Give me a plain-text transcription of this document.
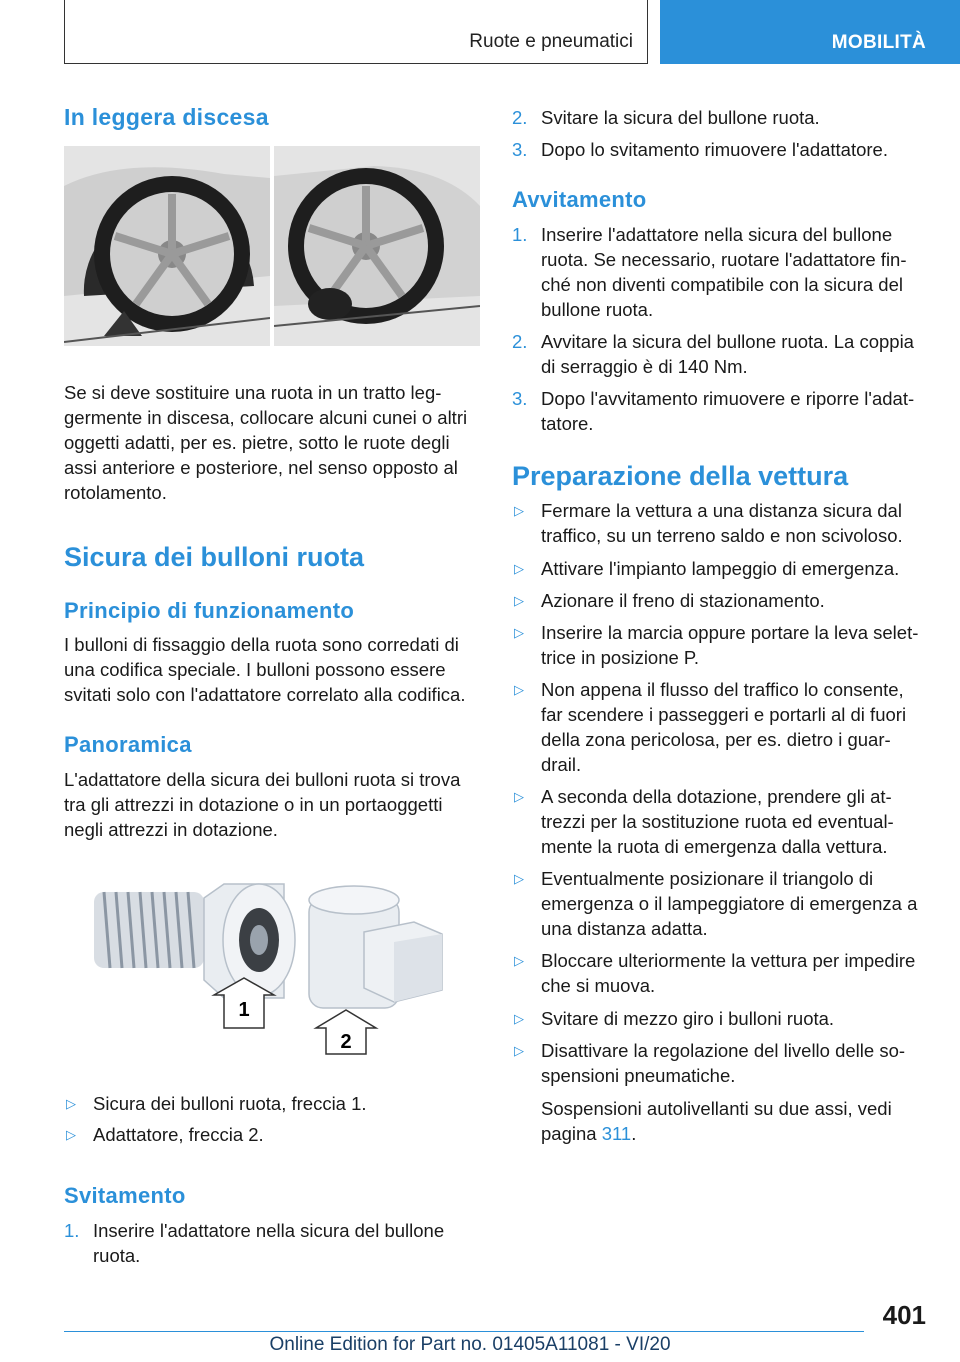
Ruote e pneumatici	MOBILITÀ
In leggera discesa

Se si deve sostituire una ruota in un tratto leg-
germente in discesa, collocare alcuni cunei o altri
oggetti adatti, per es. pietre, sotto le ruote degli
assi anteriore e posteriore, nel senso opposto al
rotolamento.

Sicura dei bulloni ruota
Principio di funzionamento

I bulloni di fissaggio della ruota sono corredati di
una codifica speciale. I bulloni possono essere
svitati solo con l'adattatore correlato alla codifica.

Panoramica

L'adattatore della sicura dei bulloni ruota si trova
tra gli attrezzi in dotazione o in un portaoggetti
negli attrezzi in dotazione.

1
2
▷ Sicura dei bulloni ruota, freccia 1.
▷ Adattatore, freccia 2.
Svitamento
1. Inserire l'adattatore nella sicura del bullone
ruota.
2. Svitare la sicura del bullone ruota.
3. Dopo lo svitamento rimuovere l'adattatore.
Avvitamento
1. Inserire l'adattatore nella sicura del bullone
ruota. Se necessario, ruotare l'adattatore fin-
ché non diventi compatibile con la sicura del
bullone ruota.
2. Avvitare la sicura del bullone ruota. La coppia
di serraggio è di 140 Nm.
3. Dopo l'avvitamento rimuovere e riporre l'adat-
tatore.
Preparazione della vettura
▷ Fermare la vettura a una distanza sicura dal
traffico, su un terreno saldo e non scivoloso.
▷ Attivare l'impianto lampeggio di emergenza.
▷ Azionare il freno di stazionamento.
▷ Inserire la marcia oppure portare la leva selet-
trice in posizione P.
▷ Non appena il flusso del traffico lo consente,
far scendere i passeggeri e portarli al di fuori
della zona pericolosa, per es. dietro i guar-
drail.
▷ A seconda della dotazione, prendere gli at-
trezzi per la sostituzione ruota ed eventual-
mente la ruota di emergenza dalla vettura.
▷ Eventualmente posizionare il triangolo di
emergenza o il lampeggiatore di emergenza a
una distanza adatta.
▷ Bloccare ulteriormente la vettura per impedire
che si muova.
▷ Svitare di mezzo giro i bulloni ruota.
▷ Disattivare la regolazione del livello delle so-
spensioni pneumatiche.
Sospensioni autolivellanti su due assi, vedi
pagina 311.
401
Online Edition for Part no. 01405A11081 - VI/20
